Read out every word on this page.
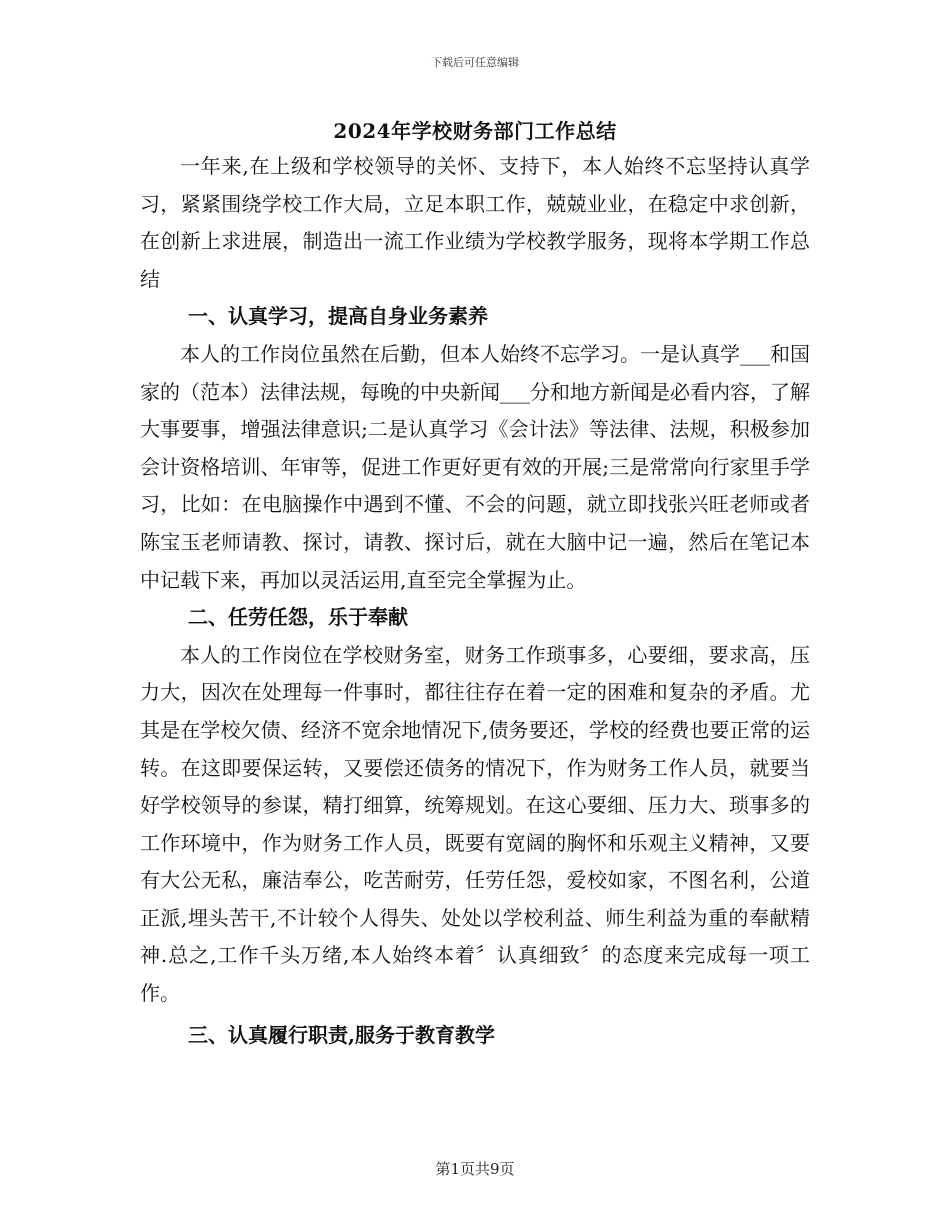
下载后可任意编辑
2024年学校财务部门工作总结

一年来,在上级和学校领导的关怀、支持下，本人始终不忘坚持认真学习，紧紧围绕学校工作大局，立足本职工作，兢兢业业，在稳定中求创新，在创新上求进展，制造出一流工作业绩为学校教学服务，现将本学期工作总结

一、认真学习，提高自身业务素养

本人的工作岗位虽然在后勤，但本人始终不忘学习。一是认真学___和国家的（范本）法律法规，每晚的中央新闻___分和地方新闻是必看内容，了解大事要事，增强法律意识;二是认真学习《会计法》等法律、法规，积极参加会计资格培训、年审等，促进工作更好更有效的开展;三是常常向行家里手学习，比如：在电脑操作中遇到不懂、不会的问题，就立即找张兴旺老师或者陈宝玉老师请教、探讨，请教、探讨后，就在大脑中记一遍，然后在笔记本中记载下来，再加以灵活运用,直至完全掌握为止。

二、任劳任怨，乐于奉献

本人的工作岗位在学校财务室，财务工作琐事多，心要细，要求高，压力大，因次在处理每一件事时，都往往存在着一定的困难和复杂的矛盾。尤其是在学校欠债、经济不宽余地情况下,债务要还，学校的经费也要正常的运转。在这即要保运转，又要偿还债务的情况下，作为财务工作人员，就要当好学校领导的参谋，精打细算，统筹规划。在这心要细、压力大、琐事多的工作环境中，作为财务工作人员，既要有宽阔的胸怀和乐观主义精神，又要有大公无私，廉洁奉公，吃苦耐劳，任劳任怨，爱校如家，不图名利，公道正派,埋头苦干,不计较个人得失、处处以学校利益、师生利益为重的奉献精神.总之,工作千头万绪,本人始终本着〞认真细致〞的态度来完成每一项工作。

三、认真履行职责,服务于教育教学

第1页共9页
